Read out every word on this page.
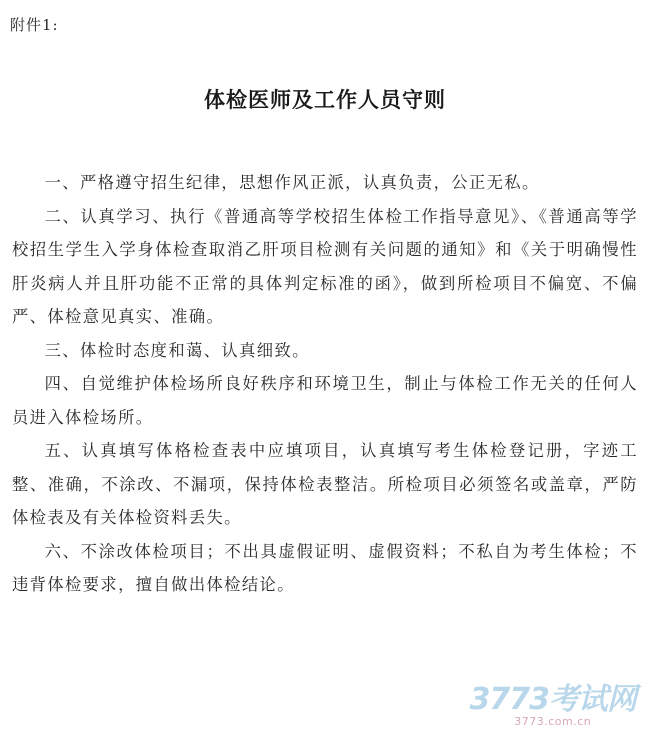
附件1:
体检医师及工作人员守则

一、严格遵守招生纪律，思想作风正派，认真负责，公正无私。

二、认真学习、执行《普通高等学校招生体检工作指导意见》、《普通高等学校招生学生入学身体检查取消乙肝项目检测有关问题的通知》和《关于明确慢性肝炎病人并且肝功能不正常的具体判定标准的函》，做到所检项目不偏宽、不偏严、体检意见真实、准确。

三、体检时态度和蔼、认真细致。

四、自觉维护体检场所良好秩序和环境卫生，制止与体检工作无关的任何人员进入体检场所。

五、认真填写体格检查表中应填项目，认真填写考生体检登记册，字迹工整、准确，不涂改、不漏项，保持体检表整洁。所检项目必须签名或盖章，严防体检表及有关体检资料丢失。

六、不涂改体检项目；不出具虚假证明、虚假资料；不私自为考生体检；不违背体检要求，擅自做出体检结论。

3773考试网
3773.com.cn
